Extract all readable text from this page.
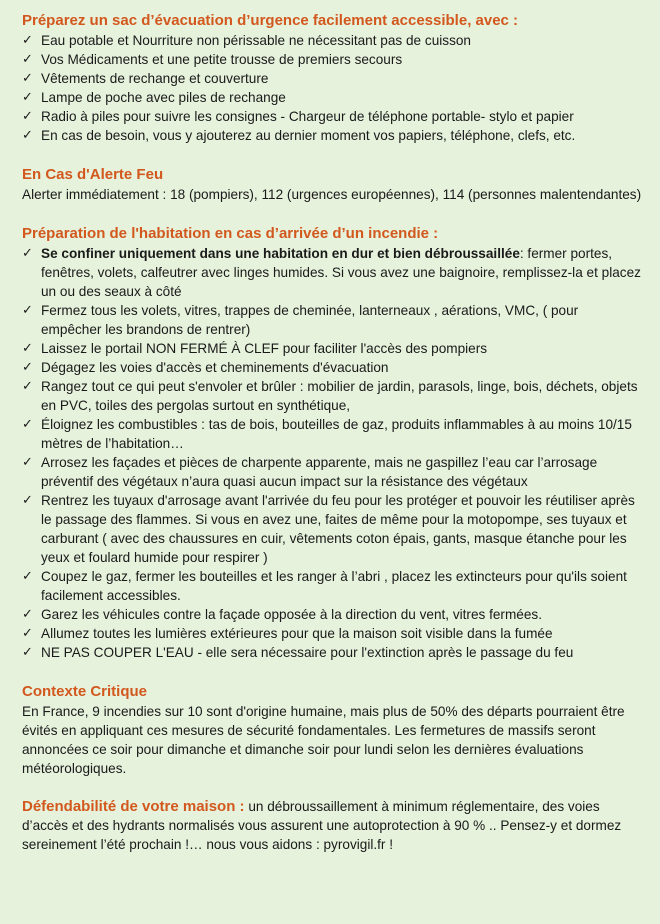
Préparez un sac d’évacuation d’urgence facilement accessible, avec :
✓ Eau potable et Nourriture non périssable ne nécessitant pas de cuisson
✓ Vos Médicaments et une petite trousse de premiers secours
✓ Vêtements de rechange et couverture
✓ Lampe de poche avec piles de rechange
✓ Radio à piles pour suivre les consignes - Chargeur de téléphone portable- stylo et papier
✓ En cas de besoin, vous y ajouterez au dernier moment vos papiers, téléphone, clefs, etc.
En Cas d'Alerte Feu

Alerter immédiatement : 18 (pompiers), 112 (urgences européennes), 114 (personnes malentendantes)

Préparation de l'habitation en cas d’arrivée d’un incendie :
✓ Se confiner uniquement dans une habitation en dur et bien débroussaillée: fermer portes, fenêtres, volets, calfeutrer avec linges humides. Si vous avez une baignoire, remplissez-la et placez un ou des seaux à côté
✓ Fermez tous les volets, vitres, trappes de cheminée, lanterneaux , aérations, VMC, ( pour empêcher les brandons de rentrer)
✓ Laissez le portail NON FERMÉ À CLEF pour faciliter l'accès des pompiers
✓ Dégagez les voies d'accès et cheminements d'évacuation
✓ Rangez tout ce qui peut s'envoler et brûler : mobilier de jardin, parasols, linge, bois, déchets, objets en PVC, toiles des pergolas surtout en synthétique,
✓ Éloignez les combustibles : tas de bois, bouteilles de gaz, produits inflammables à au moins 10/15 mètres de l’habitation…
✓ Arrosez les façades et pièces de charpente apparente, mais ne gaspillez l’eau car l’arrosage préventif des végétaux n’aura quasi aucun impact sur la résistance des végétaux
✓ Rentrez les tuyaux d'arrosage avant l'arrivée du feu pour les protéger et pouvoir les réutiliser après le passage des flammes. Si vous en avez une, faites de même pour la motopompe, ses tuyaux et carburant ( avec des chaussures en cuir, vêtements coton épais, gants, masque étanche pour les yeux et foulard humide pour respirer )
✓ Coupez le gaz, fermer les bouteilles et les ranger à l’abri , placez les extincteurs pour qu'ils soient facilement accessibles.
✓ Garez les véhicules contre la façade opposée à la direction du vent, vitres fermées.
✓ Allumez toutes les lumières extérieures pour que la maison soit visible dans la fumée
✓ NE PAS COUPER L'EAU - elle sera nécessaire pour l'extinction après le passage du feu
Contexte Critique

En France, 9 incendies sur 10 sont d'origine humaine, mais plus de 50% des départs pourraient être évités en appliquant ces mesures de sécurité fondamentales. Les fermetures de massifs seront annoncées ce soir pour dimanche et dimanche soir pour lundi selon les dernières évaluations météorologiques.

Défendabilité de votre maison : un débroussaillement à minimum réglementaire, des voies d’accès et des hydrants normalisés vous assurent une autoprotection à 90 % .. Pensez-y et dormez sereinement l’été prochain !… nous vous aidons : pyrovigil.fr !
